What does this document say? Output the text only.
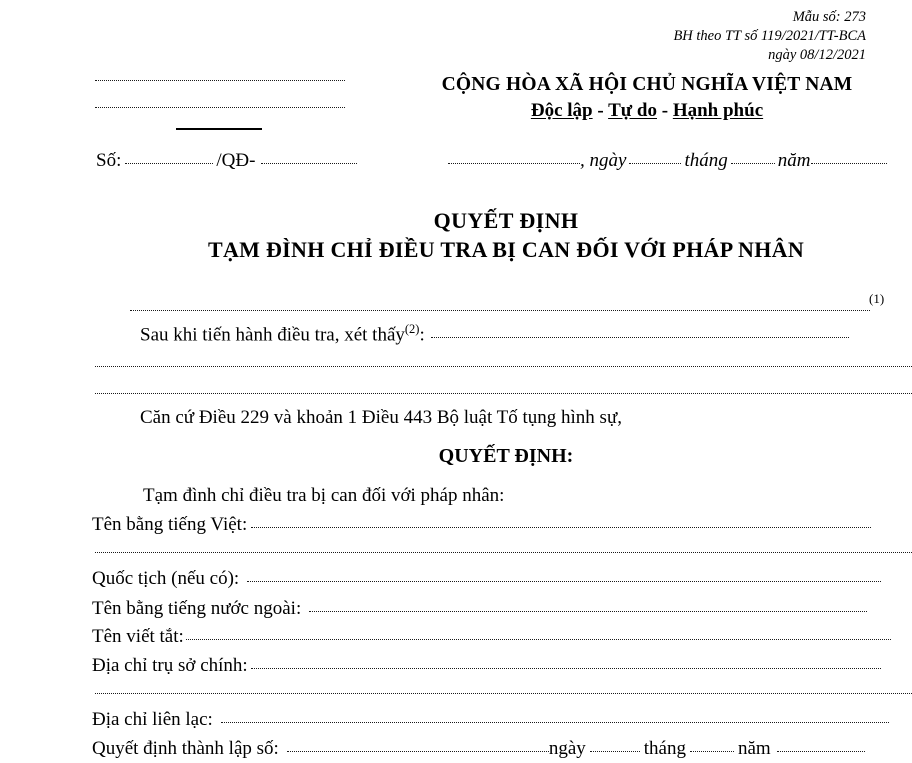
Mẫu số: 273
BH theo TT số 119/2021/TT-BCA
ngày 08/12/2021
CỘNG HÒA XÃ HỘI CHỦ NGHĨA VIỆT NAM
Độc lập - Tự do - Hạnh phúc
Số:	/QĐ-	, ngày	tháng	năm
QUYẾT ĐỊNH
TẠM ĐÌNH CHỈ ĐIỀU TRA BỊ CAN ĐỐI VỚI PHÁP NHÂN
(1)
Sau khi tiến hành điều tra, xét thấy$^{(2)}$:
Căn cứ Điều 229 và khoản 1 Điều 443 Bộ luật Tố tụng hình sự,
QUYẾT ĐỊNH:
Tạm đình chỉ điều tra bị can đối với pháp nhân:
Tên bằng tiếng Việt:
Quốc tịch (nếu có):
Tên bằng tiếng nước ngoài:
Tên viết tắt:
Địa chỉ trụ sở chính:
Địa chỉ liên lạc:
Quyết định thành lập số:	ngày	tháng	năm
